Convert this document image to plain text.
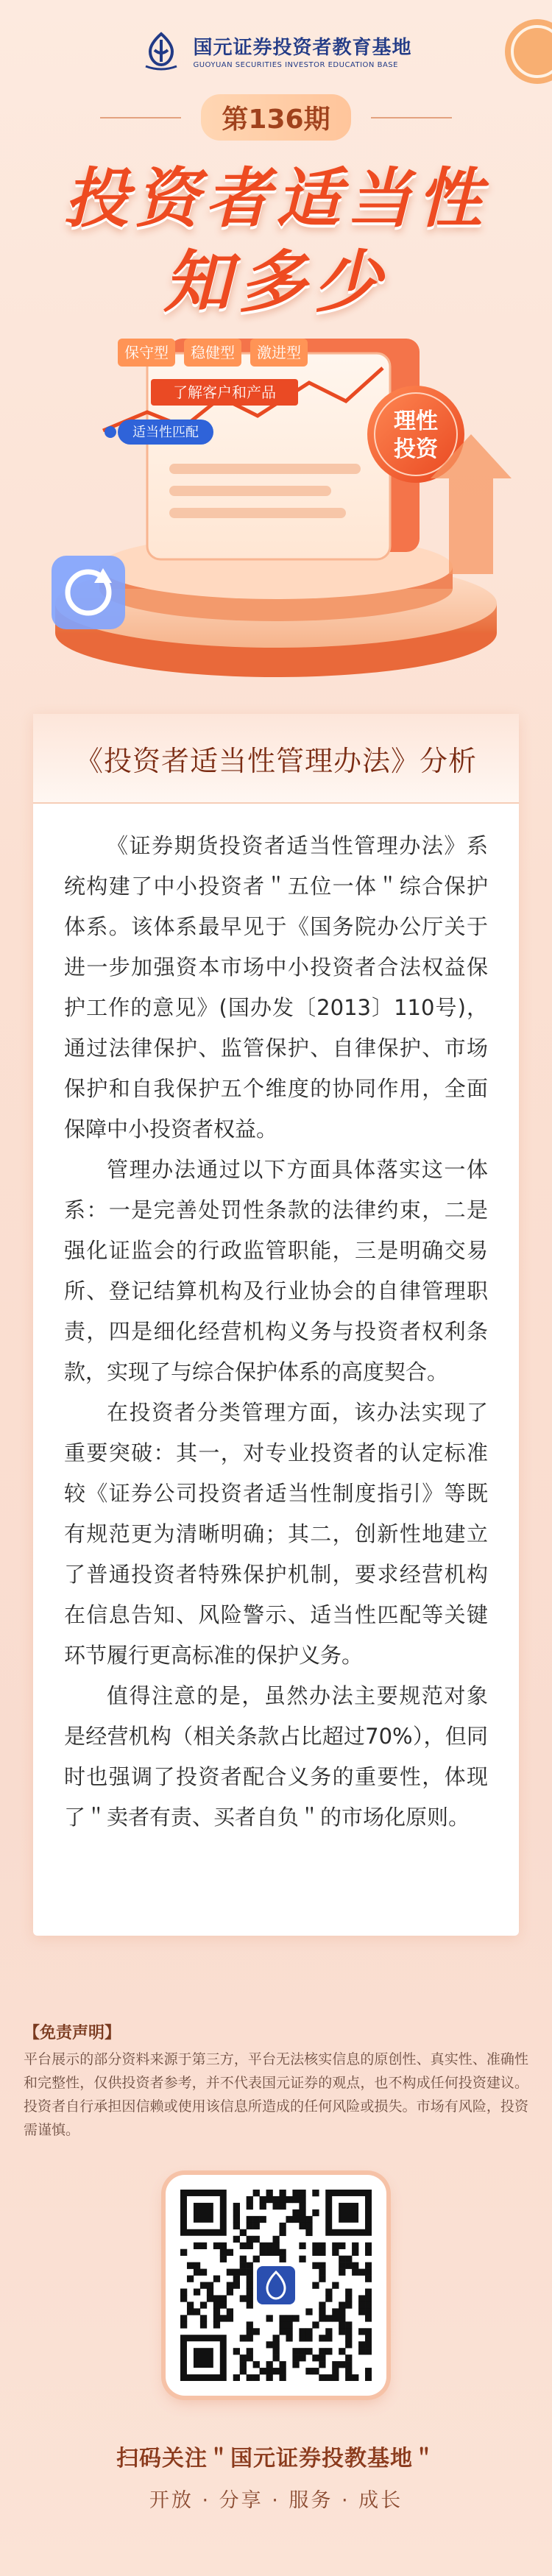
国元证券投资者教育基地
GUOYUAN SECURITIES INVESTOR EDUCATION BASE
第136期
投资者适当性
知多少
保守型 稳健型 激进型
了解客户和产品
适当性匹配	理性
投资
《投资者适当性管理办法》分析

《证券期货投资者适当性管理办法》系统构建了中小投资者＂五位一体＂综合保护体系。该体系最早见于《国务院办公厅关于进一步加强资本市场中小投资者合法权益保护工作的意见》(国办发〔2013〕110号)，通过法律保护、监管保护、自律保护、市场保护和自我保护五个维度的协同作用，全面保障中小投资者权益。

管理办法通过以下方面具体落实这一体系：一是完善处罚性条款的法律约束，二是强化证监会的行政监管职能，三是明确交易所、登记结算机构及行业协会的自律管理职责，四是细化经营机构义务与投资者权利条款，实现了与综合保护体系的高度契合。

在投资者分类管理方面，该办法实现了重要突破：其一，对专业投资者的认定标准较《证券公司投资者适当性制度指引》等既有规范更为清晰明确；其二，创新性地建立了普通投资者特殊保护机制，要求经营机构在信息告知、风险警示、适当性匹配等关键环节履行更高标准的保护义务。

值得注意的是，虽然办法主要规范对象是经营机构（相关条款占比超过70%），但同时也强调了投资者配合义务的重要性，体现了＂卖者有责、买者自负＂的市场化原则。

【免责声明】
平台展示的部分资料来源于第三方，平台无法核实信息的原创性、真实性、准确性和完整性，仅供投资者参考，并不代表国元证券的观点，也不构成任何投资建议。投资者自行承担因信赖或使用该信息所造成的任何风险或损失。市场有风险，投资需谨慎。
扫码关注＂国元证券投教基地＂
开放 · 分享 · 服务 · 成长
